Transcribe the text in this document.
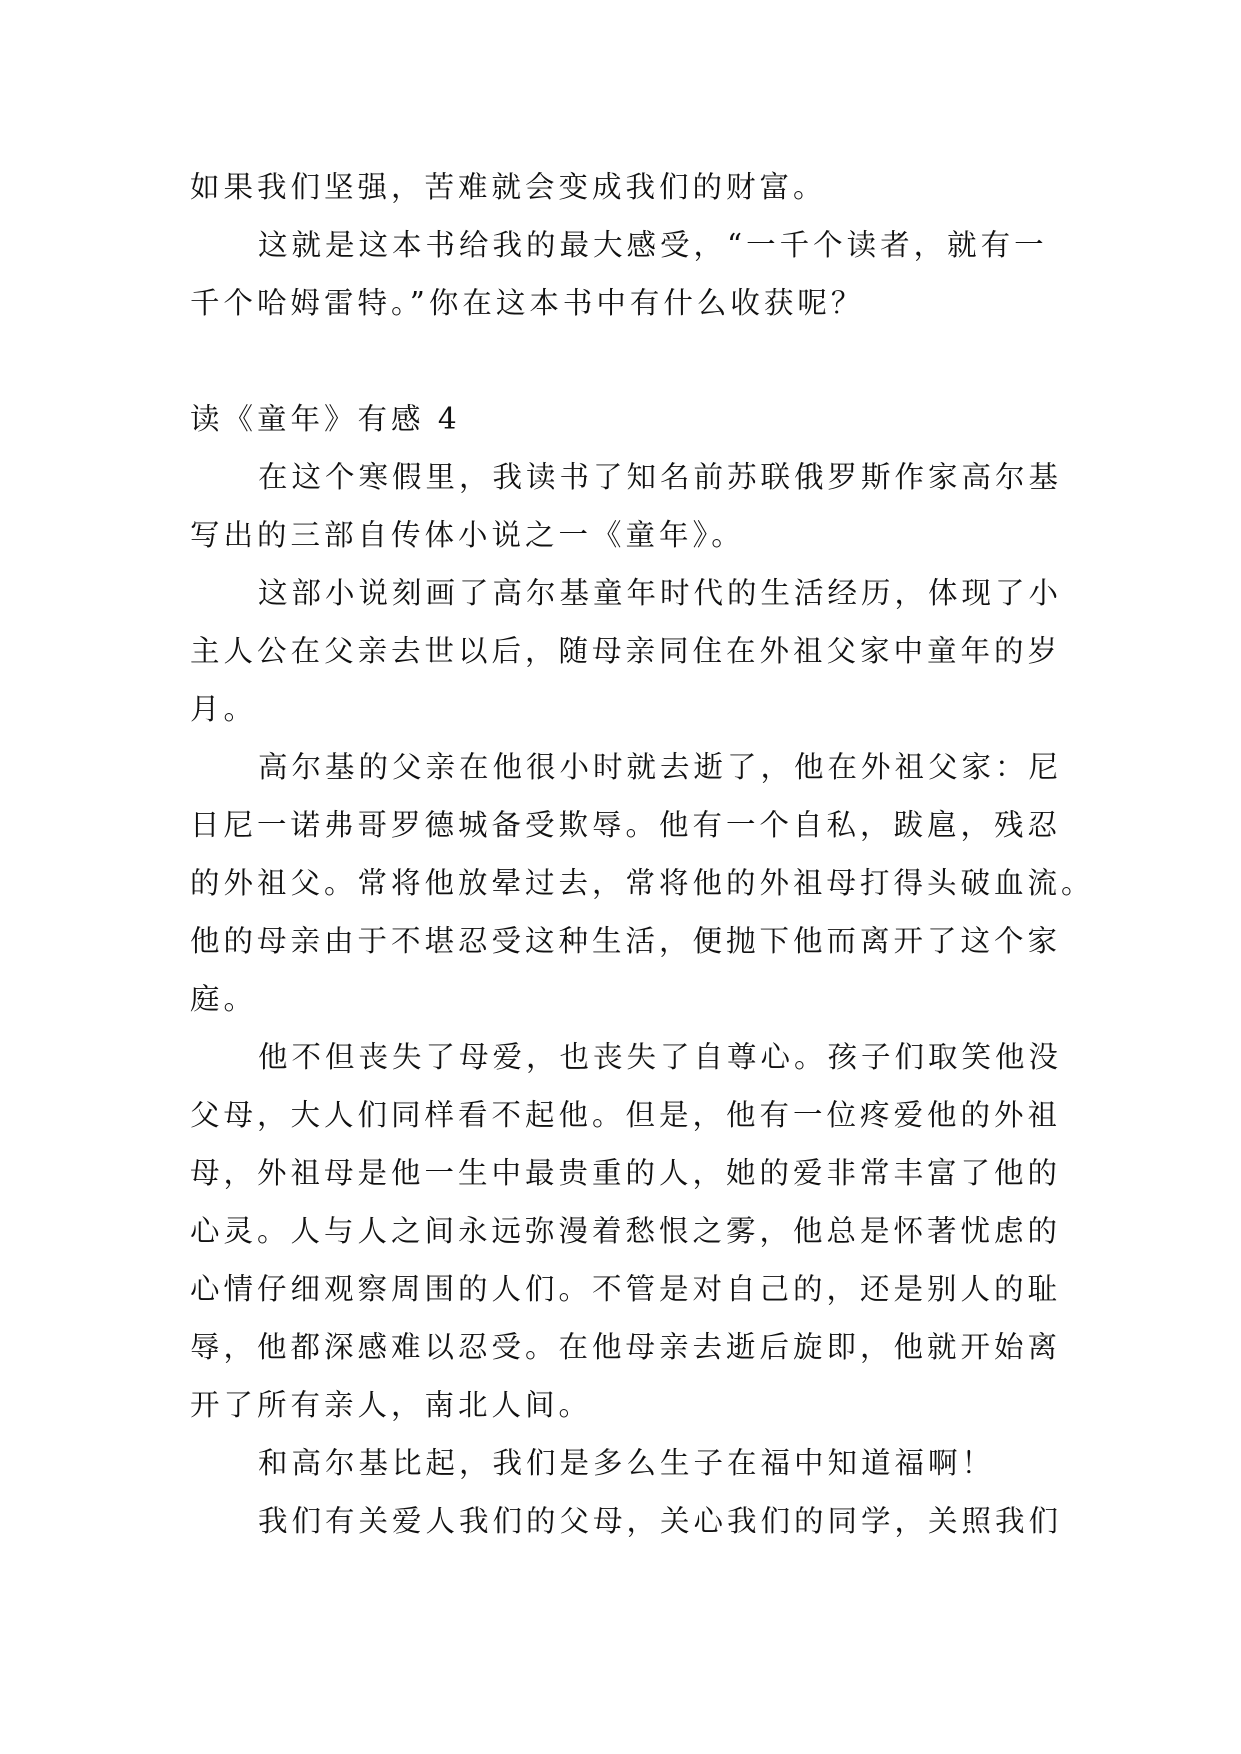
如果我们坚强，苦难就会变成我们的财富。
这就是这本书给我的最大感受，“一千个读者，就有一
千个哈姆雷特。”你在这本书中有什么收获呢？
读《童年》有感 4
在这个寒假里，我读书了知名前苏联俄罗斯作家高尔基
写出的三部自传体小说之一《童年》。
这部小说刻画了高尔基童年时代的生活经历，体现了小
主人公在父亲去世以后，随母亲同住在外祖父家中童年的岁
月。
高尔基的父亲在他很小时就去逝了，他在外祖父家：尼
日尼一诺弗哥罗德城备受欺辱。他有一个自私，跋扈，残忍
的外祖父。常将他放晕过去，常将他的外祖母打得头破血流。
他的母亲由于不堪忍受这种生活，便抛下他而离开了这个家
庭。
他不但丧失了母爱，也丧失了自尊心。孩子们取笑他没
父母，大人们同样看不起他。但是，他有一位疼爱他的外祖
母，外祖母是他一生中最贵重的人，她的爱非常丰富了他的
心灵。人与人之间永远弥漫着愁恨之雾，他总是怀著忧虑的
心情仔细观察周围的人们。不管是对自己的，还是别人的耻
辱，他都深感难以忍受。在他母亲去逝后旋即，他就开始离
开了所有亲人，南北人间。
和高尔基比起，我们是多么生子在福中知道福啊！
我们有关爱人我们的父母，关心我们的同学，关照我们
